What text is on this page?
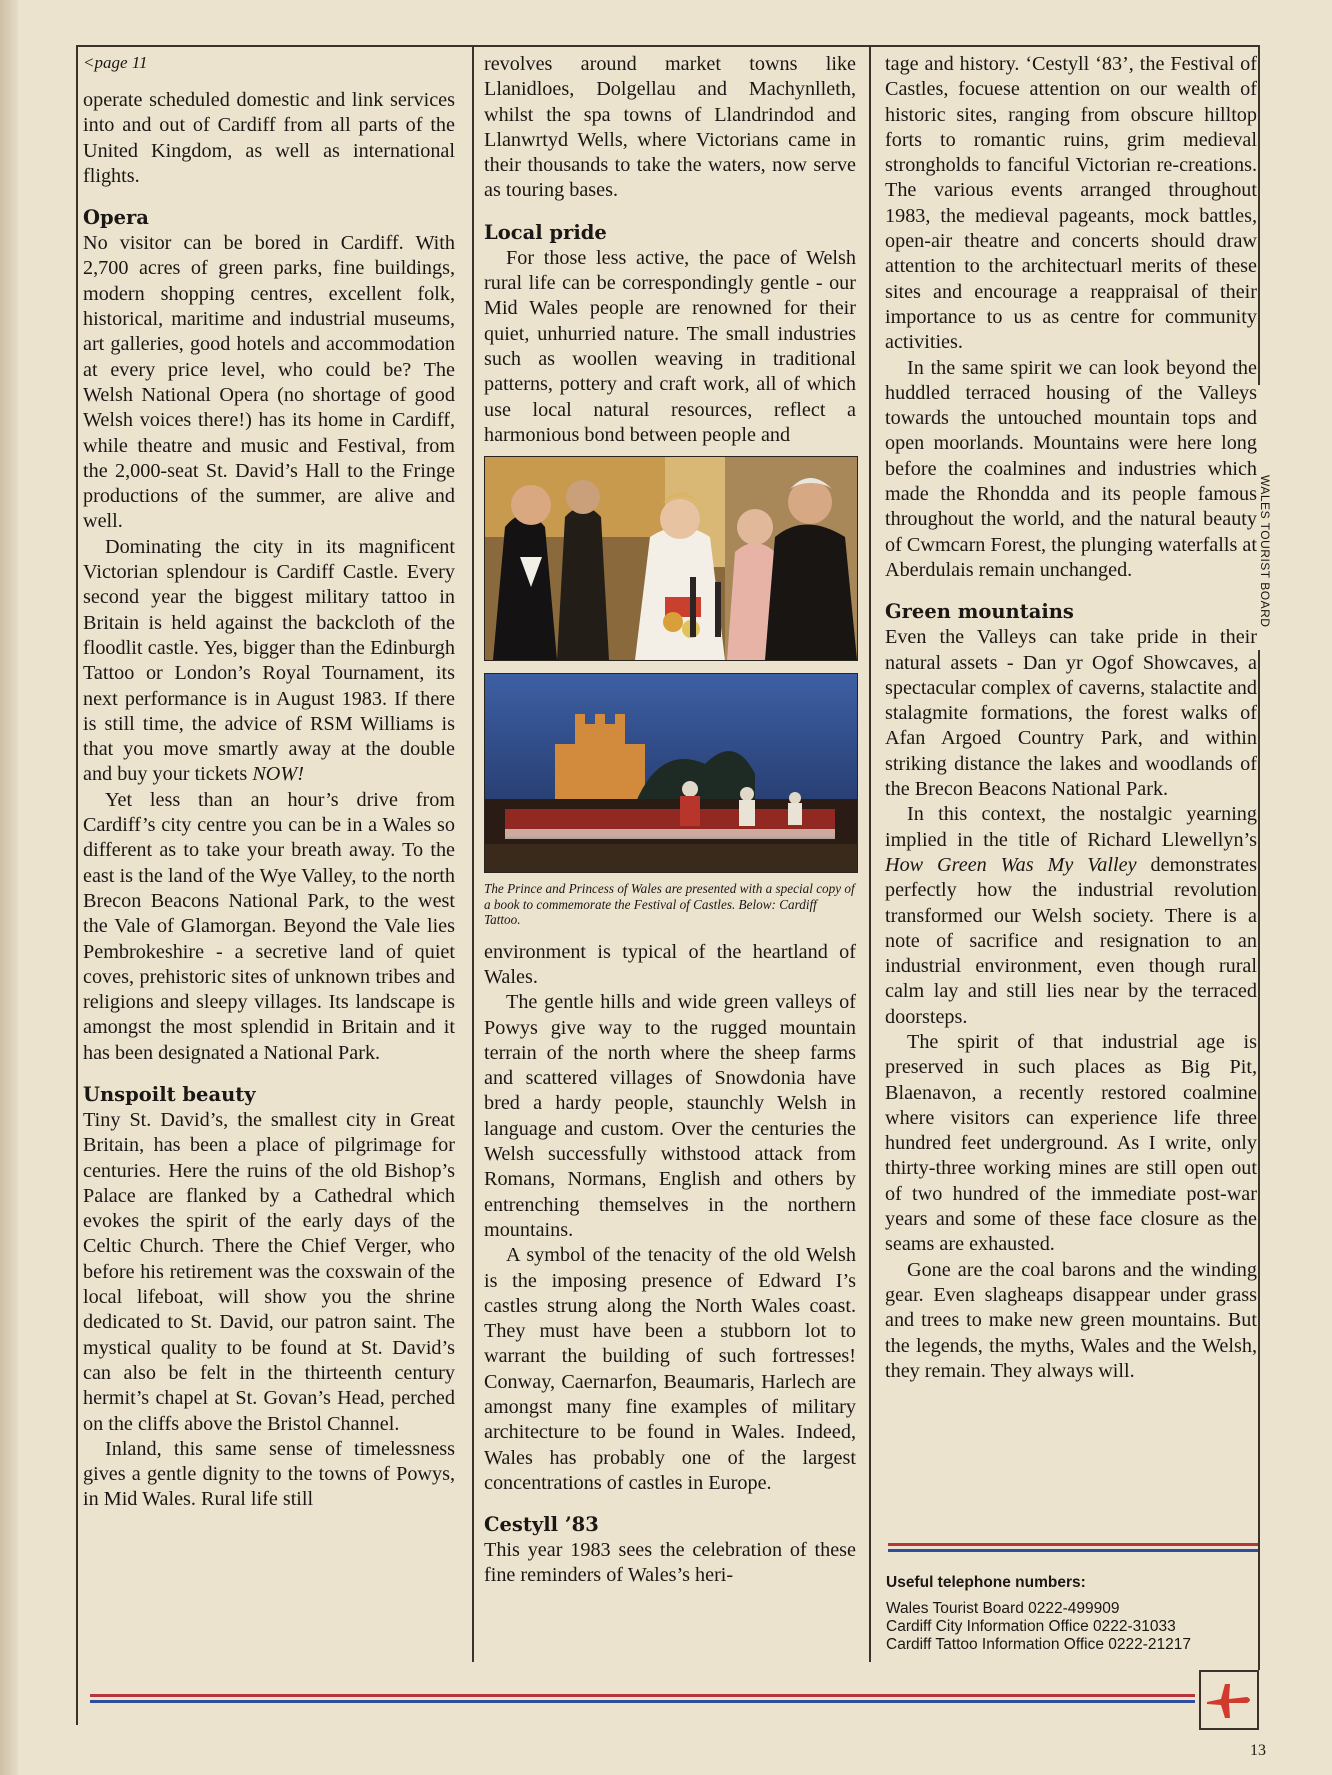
WALES TOURIST BOARD

<page 11

operate scheduled domestic and link services into and out of Cardiff from all parts of the United Kingdom, as well as international flights.

Opera

No visitor can be bored in Cardiff. With 2,700 acres of green parks, fine buildings, modern shopping centres, excellent folk, historical, maritime and industrial museums, art galleries, good hotels and accommodation at every price level, who could be? The Welsh National Opera (no shortage of good Welsh voices there!) has its home in Cardiff, while theatre and music and Festival, from the 2,000-seat St. David’s Hall to the Fringe productions of the summer, are alive and well.

Dominating the city in its magnificent Victorian splendour is Cardiff Castle. Every second year the biggest military tattoo in Britain is held against the backcloth of the floodlit castle. Yes, bigger than the Edinburgh Tattoo or London’s Royal Tournament, its next performance is in August 1983. If there is still time, the advice of RSM Williams is that you move smartly away at the double and buy your tickets NOW!

Yet less than an hour’s drive from Cardiff’s city centre you can be in a Wales so different as to take your breath away. To the east is the land of the Wye Valley, to the north Brecon Beacons National Park, to the west the Vale of Glamorgan. Beyond the Vale lies Pembrokeshire - a secretive land of quiet coves, prehistoric sites of unknown tribes and religions and sleepy villages. Its landscape is amongst the most splendid in Britain and it has been designated a National Park.

Unspoilt beauty

Tiny St. David’s, the smallest city in Great Britain, has been a place of pilgrimage for centuries. Here the ruins of the old Bishop’s Palace are flanked by a Cathedral which evokes the spirit of the early days of the Celtic Church. There the Chief Verger, who before his retirement was the coxswain of the local lifeboat, will show you the shrine dedicated to St. David, our patron saint. The mystical quality to be found at St. David’s can also be felt in the thirteenth century hermit’s chapel at St. Govan’s Head, perched on the cliffs above the Bristol Channel.

Inland, this same sense of timelessness gives a gentle dignity to the towns of Powys, in Mid Wales. Rural life still

revolves around market towns like Llanidloes, Dolgellau and Machynlleth, whilst the spa towns of Llandrindod and Llanwrtyd Wells, where Victorians came in their thousands to take the waters, now serve as touring bases.

Local pride

For those less active, the pace of Welsh rural life can be correspondingly gentle - our Mid Wales people are renowned for their quiet, unhurried nature. The small industries such as woollen weaving in traditional patterns, pottery and craft work, all of which use local natural resources, reflect a harmonious bond between people and

The Prince and Princess of Wales are presented with a special copy of a book to commemorate the Festival of Castles. Below: Cardiff Tattoo.

environment is typical of the heartland of Wales.

The gentle hills and wide green valleys of Powys give way to the rugged mountain terrain of the north where the sheep farms and scattered villages of Snowdonia have bred a hardy people, staunchly Welsh in language and custom. Over the centuries the Welsh successfully withstood attack from Romans, Normans, English and others by entrenching themselves in the northern mountains.

A symbol of the tenacity of the old Welsh is the imposing presence of Edward I’s castles strung along the North Wales coast. They must have been a stubborn lot to warrant the building of such fortresses! Conway, Caernarfon, Beaumaris, Harlech are amongst many fine examples of military architecture to be found in Wales. Indeed, Wales has probably one of the largest concentrations of castles in Europe.

Cestyll ’83

This year 1983 sees the celebration of these fine reminders of Wales’s heri-

tage and history. ‘Cestyll ‘83’, the Festival of Castles, focuese attention on our wealth of historic sites, ranging from obscure hilltop forts to romantic ruins, grim medieval strongholds to fanciful Victorian re-creations. The various events arranged throughout 1983, the medieval pageants, mock battles, open-air theatre and concerts should draw attention to the architectuarl merits of these sites and encourage a reappraisal of their importance to us as centre for community activities.

In the same spirit we can look beyond the huddled terraced housing of the Valleys towards the untouched mountain tops and open moorlands. Mountains were here long before the coalmines and industries which made the Rhondda and its people famous throughout the world, and the natural beauty of Cwmcarn Forest, the plunging waterfalls at Aberdulais remain unchanged.

Green mountains

Even the Valleys can take pride in their natural assets - Dan yr Ogof Showcaves, a spectacular complex of caverns, stalactite and stalagmite formations, the forest walks of Afan Argoed Country Park, and within striking distance the lakes and woodlands of the Brecon Beacons National Park.

In this context, the nostalgic yearning implied in the title of Richard Llewellyn’s How Green Was My Valley demonstrates perfectly how the industrial revolution transformed our Welsh society. There is a note of sacrifice and resignation to an industrial environment, even though rural calm lay and still lies near by the terraced doorsteps.

The spirit of that industrial age is preserved in such places as Big Pit, Blaenavon, a recently restored coalmine where visitors can experience life three hundred feet underground. As I write, only thirty-three working mines are still open out of two hundred of the immediate post-war years and some of these face closure as the seams are exhausted.

Gone are the coal barons and the winding gear. Even slagheaps disappear under grass and trees to make new green mountains. But the legends, the myths, Wales and the Welsh, they remain. They always will.

Useful telephone numbers:
Wales Tourist Board 0222-499909
Cardiff City Information Office 0222-31033
Cardiff Tattoo Information Office 0222-21217
13
